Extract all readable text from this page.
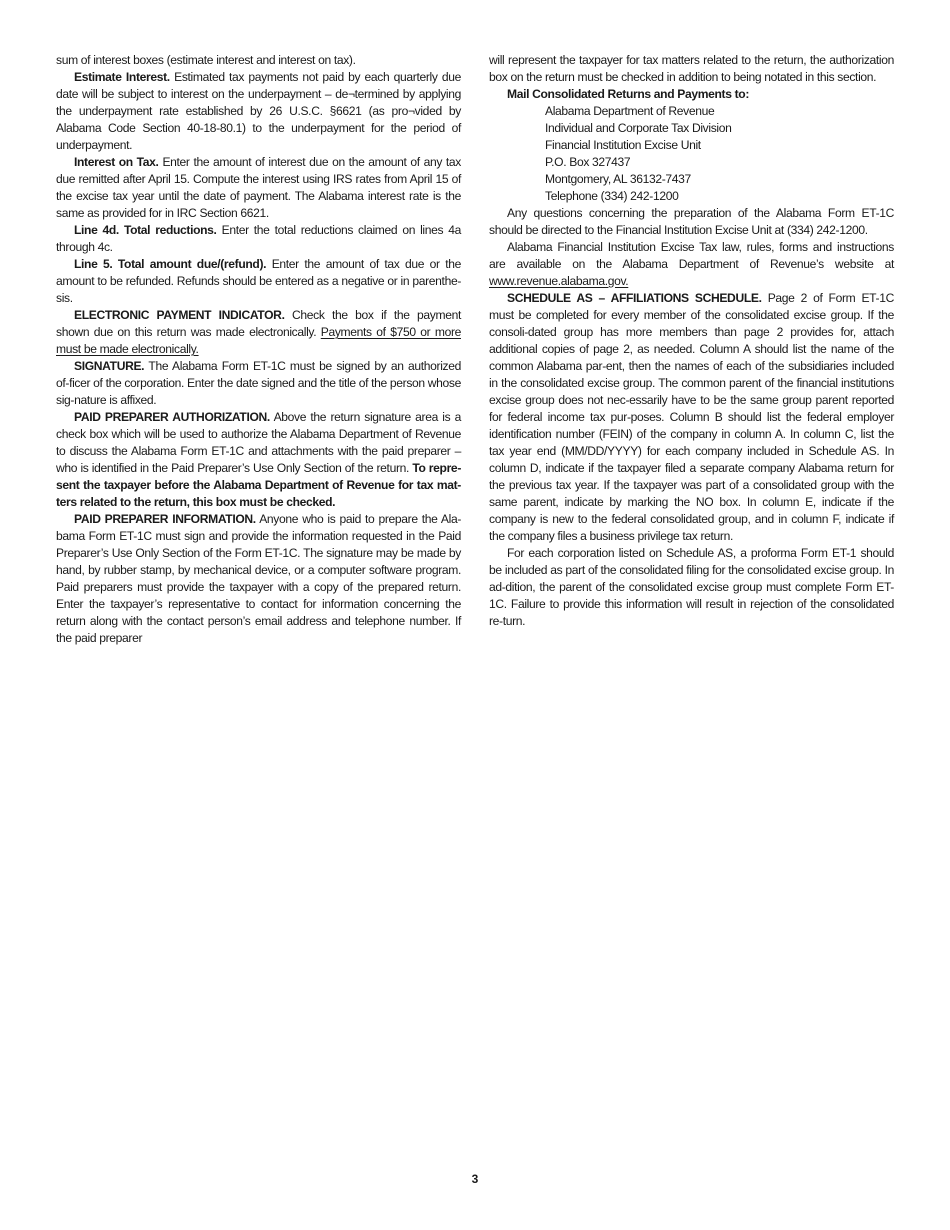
sum of interest boxes (estimate interest and interest on tax).

Estimate Interest. Estimated tax payments not paid by each quarterly due date will be subject to interest on the underpayment – de¬termined by applying the underpayment rate established by 26 U.S.C. §6621 (as pro¬vided by Alabama Code Section 40-18-80.1) to the underpayment for the period of underpayment.

Interest on Tax. Enter the amount of interest due on the amount of any tax due remitted after April 15. Compute the interest using IRS rates from April 15 of the excise tax year until the date of payment. The Alabama interest rate is the same as provided for in IRC Section 6621.

Line 4d. Total reductions. Enter the total reductions claimed on lines 4a through 4c.

Line 5. Total amount due/(refund). Enter the amount of tax due or the amount to be refunded. Refunds should be entered as a negative or in parenthe-sis.

ELECTRONIC PAYMENT INDICATOR. Check the box if the payment shown due on this return was made electronically. Payments of $750 or more must be made electronically.

SIGNATURE. The Alabama Form ET-1C must be signed by an authorized of-ficer of the corporation. Enter the date signed and the title of the person whose sig-nature is affixed.

PAID PREPARER AUTHORIZATION. Above the return signature area is a check box which will be used to authorize the Alabama Department of Revenue to discuss the Alabama Form ET-1C and attachments with the paid preparer – who is identified in the Paid Preparer’s Use Only Section of the return. To repre-sent the taxpayer before the Alabama Department of Revenue for tax mat-ters related to the return, this box must be checked.

PAID PREPARER INFORMATION. Anyone who is paid to prepare the Ala-bama Form ET-1C must sign and provide the information requested in the Paid Preparer’s Use Only Section of the Form ET-1C. The signature may be made by hand, by rubber stamp, by mechanical device, or a computer software program. Paid preparers must provide the taxpayer with a copy of the prepared return. Enter the taxpayer’s representative to contact for information concerning the return along with the contact person’s email address and telephone number. If the paid preparer

will represent the taxpayer for tax matters related to the return, the authorization box on the return must be checked in addition to being notated in this section.

Mail Consolidated Returns and Payments to:
Alabama Department of Revenue
Individual and Corporate Tax Division
Financial Institution Excise Unit
P.O. Box 327437
Montgomery, AL 36132-7437
Telephone (334) 242-1200

Any questions concerning the preparation of the Alabama Form ET-1C should be directed to the Financial Institution Excise Unit at (334) 242-1200.

Alabama Financial Institution Excise Tax law, rules, forms and instructions are available on the Alabama Department of Revenue’s website at www.revenue.alabama.gov.

SCHEDULE AS – AFFILIATIONS SCHEDULE. Page 2 of Form ET-1C must be completed for every member of the consolidated excise group. If the consoli-dated group has more members than page 2 provides for, attach additional copies of page 2, as needed. Column A should list the name of the common Alabama par-ent, then the names of each of the subsidiaries included in the consolidated excise group. The common parent of the financial institutions excise group does not nec-essarily have to be the same group parent reported for federal income tax pur-poses. Column B should list the federal employer identification number (FEIN) of the company in column A. In column C, list the tax year end (MM/DD/YYYY) for each company included in Schedule AS. In column D, indicate if the taxpayer filed a separate company Alabama return for the previous tax year. If the taxpayer was part of a consolidated group with the same parent, indicate by marking the NO box. In column E, indicate if the company is new to the federal consolidated group, and in column F, indicate if the company files a business privilege tax return.

For each corporation listed on Schedule AS, a proforma Form ET-1 should be included as part of the consolidated filing for the consolidated excise group. In ad-dition, the parent of the consolidated excise group must complete Form ET-1C. Failure to provide this information will result in rejection of the consolidated re-turn.

3
